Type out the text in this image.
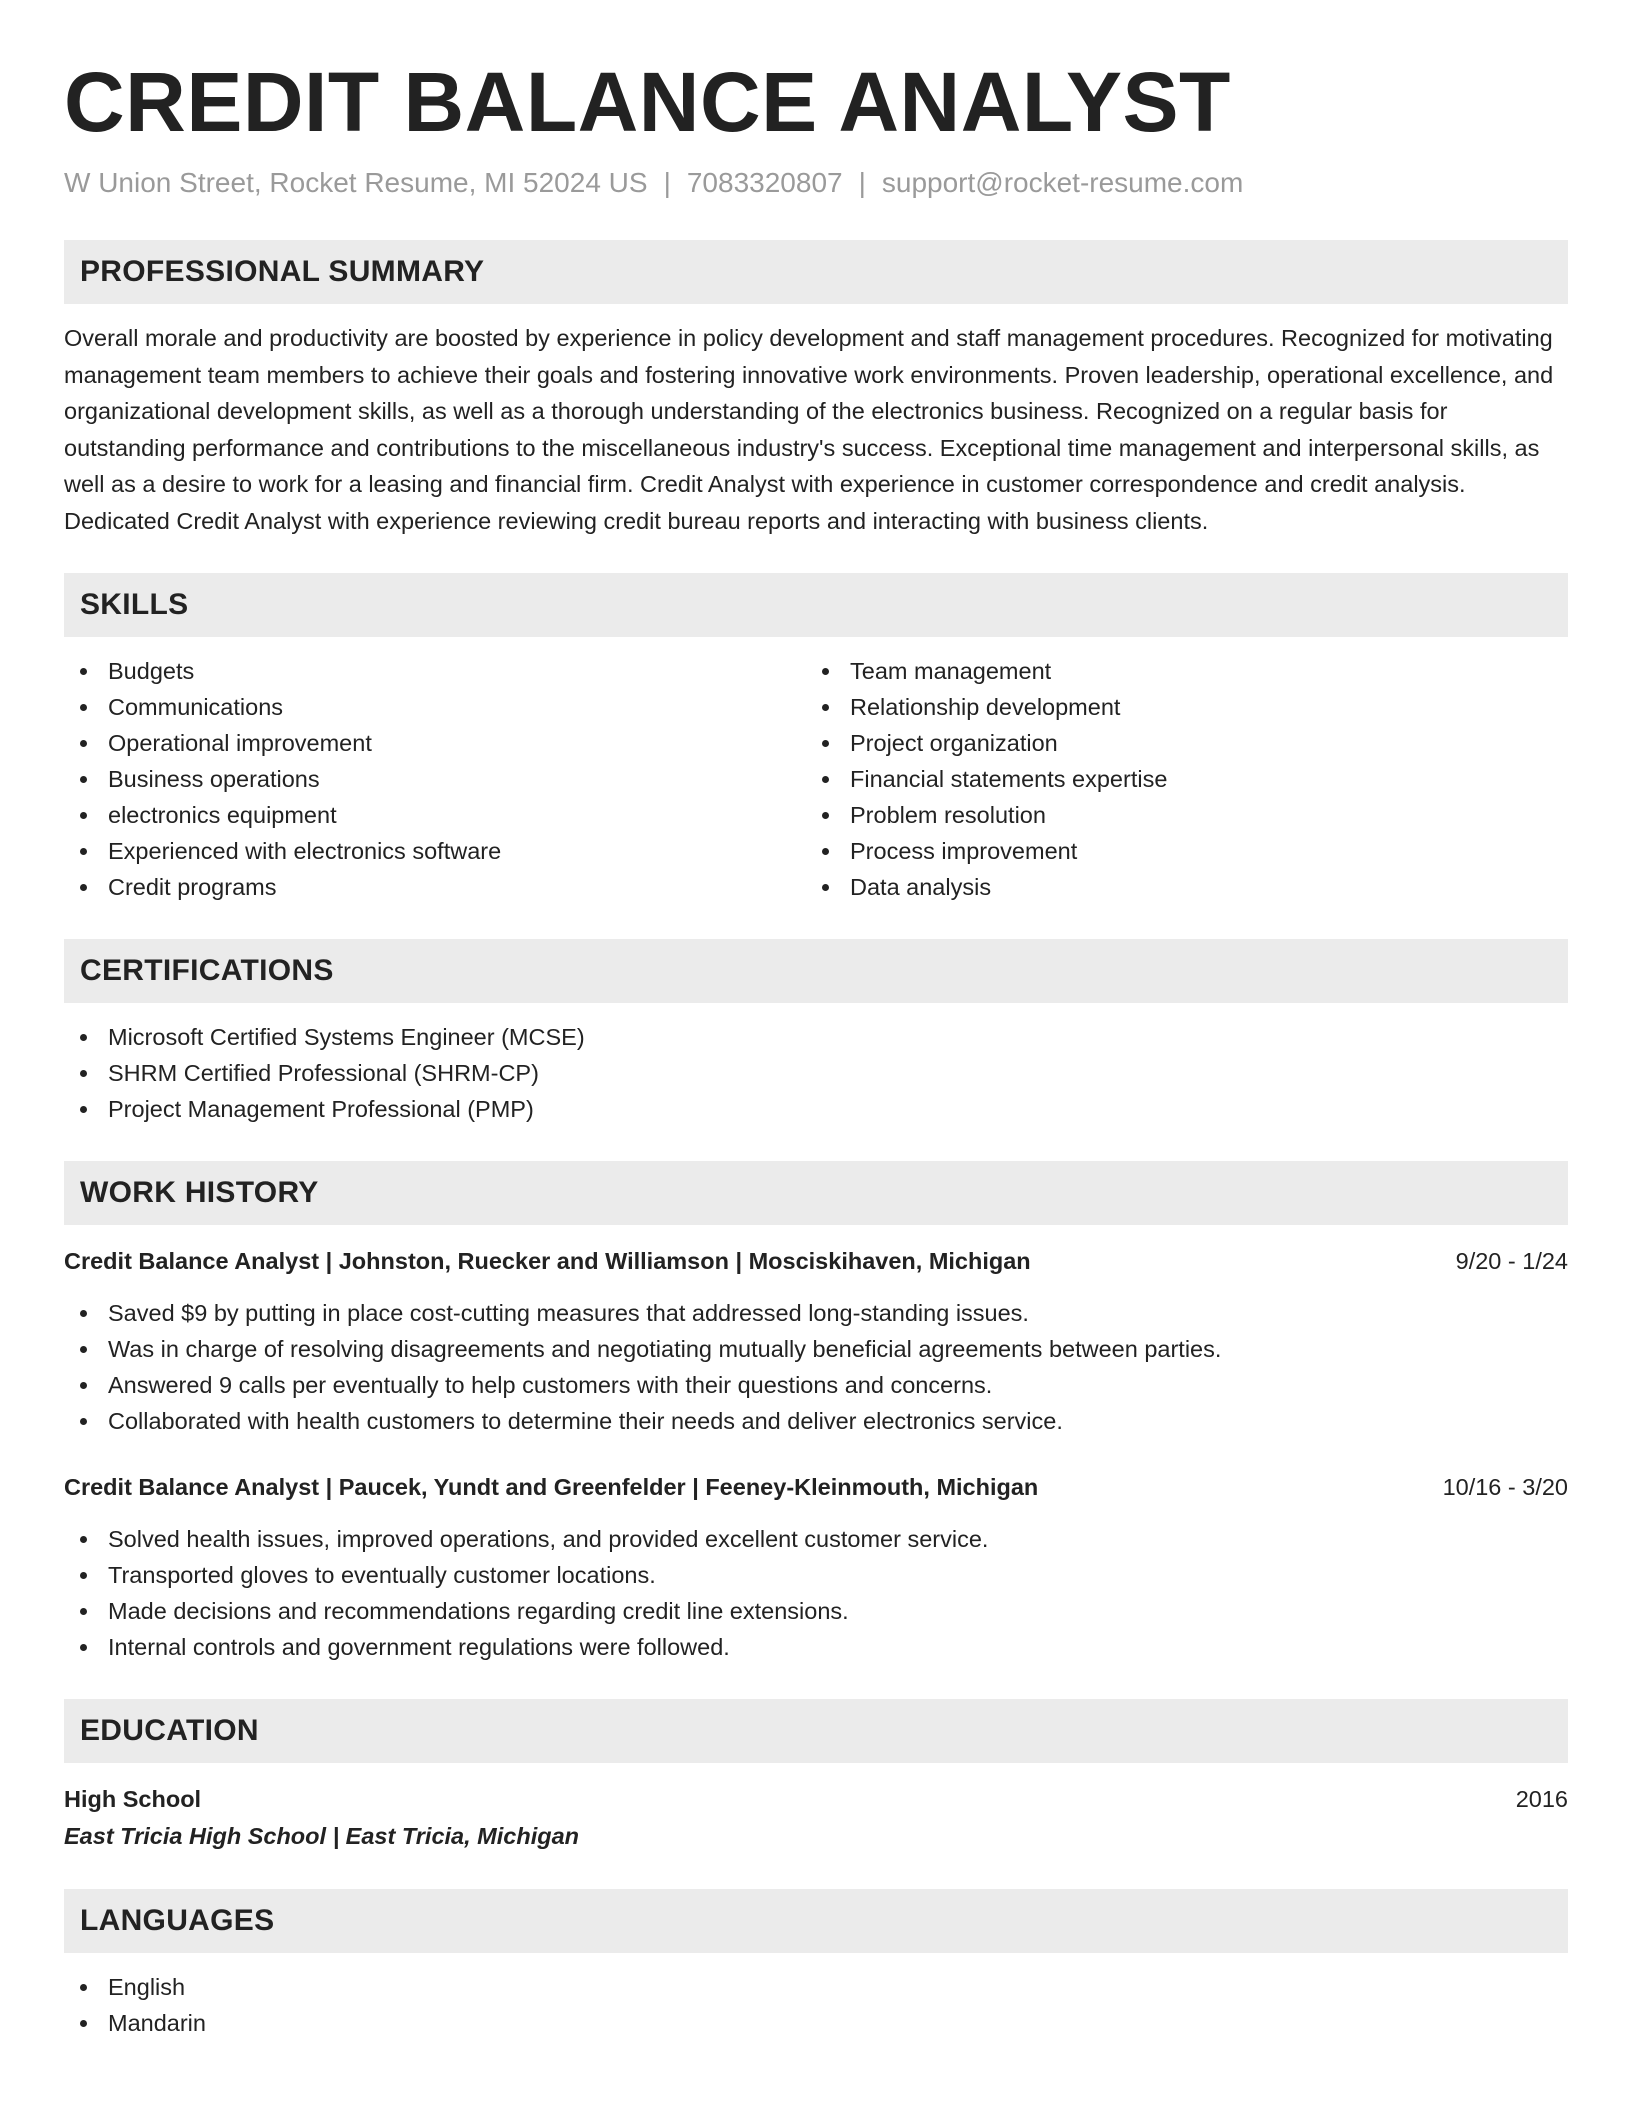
CREDIT BALANCE ANALYST
W Union Street, Rocket Resume, MI 52024 US | 7083320807 | support@rocket-resume.com
PROFESSIONAL SUMMARY
Overall morale and productivity are boosted by experience in policy development and staff management procedures. Recognized for motivating management team members to achieve their goals and fostering innovative work environments. Proven leadership, operational excellence, and organizational development skills, as well as a thorough understanding of the electronics business. Recognized on a regular basis for outstanding performance and contributions to the miscellaneous industry's success. Exceptional time management and interpersonal skills, as well as a desire to work for a leasing and financial firm. Credit Analyst with experience in customer correspondence and credit analysis. Dedicated Credit Analyst with experience reviewing credit bureau reports and interacting with business clients.
SKILLS
Budgets
Communications
Operational improvement
Business operations
electronics equipment
Experienced with electronics software
Credit programs
Team management
Relationship development
Project organization
Financial statements expertise
Problem resolution
Process improvement
Data analysis
CERTIFICATIONS
Microsoft Certified Systems Engineer (MCSE)
SHRM Certified Professional (SHRM-CP)
Project Management Professional (PMP)
WORK HISTORY
Credit Balance Analyst | Johnston, Ruecker and Williamson | Mosciskihaven, Michigan	9/20 - 1/24
Saved $9 by putting in place cost-cutting measures that addressed long-standing issues.
Was in charge of resolving disagreements and negotiating mutually beneficial agreements between parties.
Answered 9 calls per eventually to help customers with their questions and concerns.
Collaborated with health customers to determine their needs and deliver electronics service.
Credit Balance Analyst | Paucek, Yundt and Greenfelder | Feeney-Kleinmouth, Michigan	10/16 - 3/20
Solved health issues, improved operations, and provided excellent customer service.
Transported gloves to eventually customer locations.
Made decisions and recommendations regarding credit line extensions.
Internal controls and government regulations were followed.
EDUCATION
High School	2016
East Tricia High School | East Tricia, Michigan
LANGUAGES
English
Mandarin
